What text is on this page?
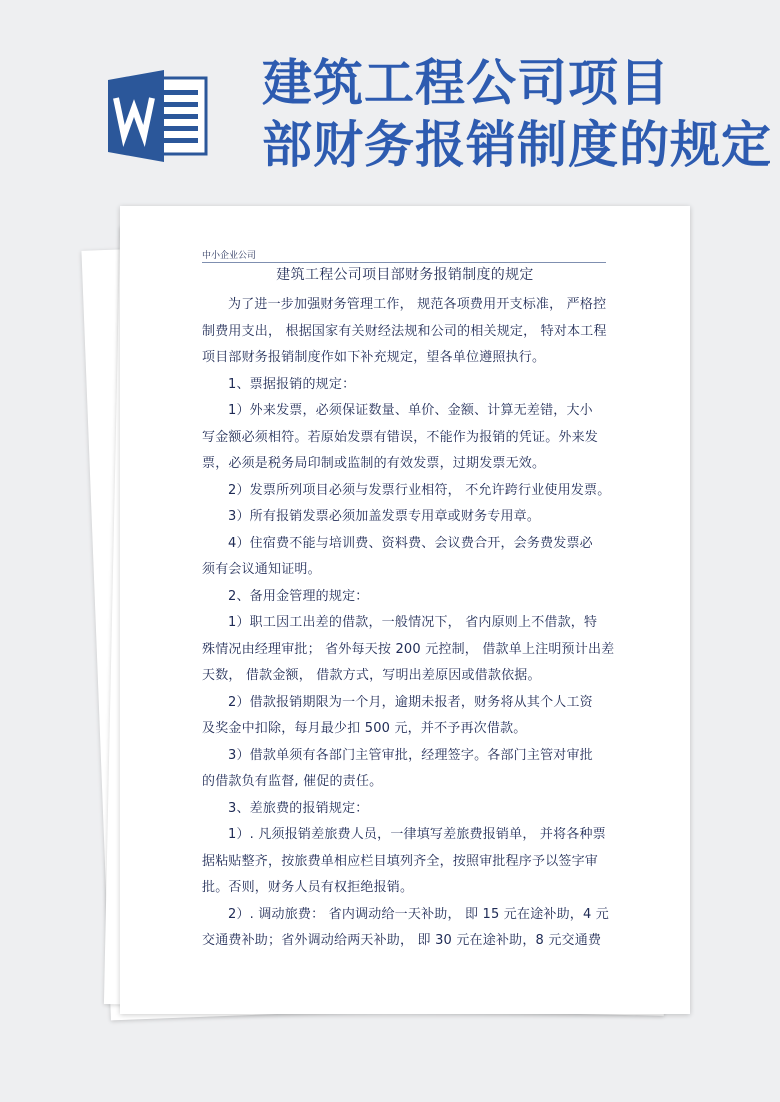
建筑工程公司项目
部财务报销制度的规定
中小企业公司
建筑工程公司项目部财务报销制度的规定
为了进一步加强财务管理工作， 规范各项费用开支标准， 严格控
制费用支出， 根据国家有关财经法规和公司的相关规定， 特对本工程
项目部财务报销制度作如下补充规定，望各单位遵照执行。
1、票据报销的规定：
1）外来发票，必须保证数量、单价、金额、计算无差错，大小
写金额必须相符。若原始发票有错误，不能作为报销的凭证。外来发
票，必须是税务局印制或监制的有效发票，过期发票无效。
2）发票所列项目必须与发票行业相符， 不允许跨行业使用发票。
3）所有报销发票必须加盖发票专用章或财务专用章。
4）住宿费不能与培训费、资料费、会议费合开，会务费发票必
须有会议通知证明。
2、备用金管理的规定：
1）职工因工出差的借款，一般情况下， 省内原则上不借款，特
殊情况由经理审批； 省外每天按 200 元控制， 借款单上注明预计出差
天数， 借款金额， 借款方式，写明出差原因或借款依据。
2）借款报销期限为一个月，逾期未报者，财务将从其个人工资
及奖金中扣除，每月最少扣 500 元，并不予再次借款。
3）借款单须有各部门主管审批，经理签字。各部门主管对审批
的借款负有监督, 催促的责任。
3、差旅费的报销规定：
1）. 凡须报销差旅费人员，一律填写差旅费报销单， 并将各种票
据粘贴整齐，按旅费单相应栏目填列齐全，按照审批程序予以签字审
批。否则，财务人员有权拒绝报销。
2）. 调动旅费： 省内调动给一天补助， 即 15 元在途补助，4 元
交通费补助；省外调动给两天补助， 即 30 元在途补助，8 元交通费
